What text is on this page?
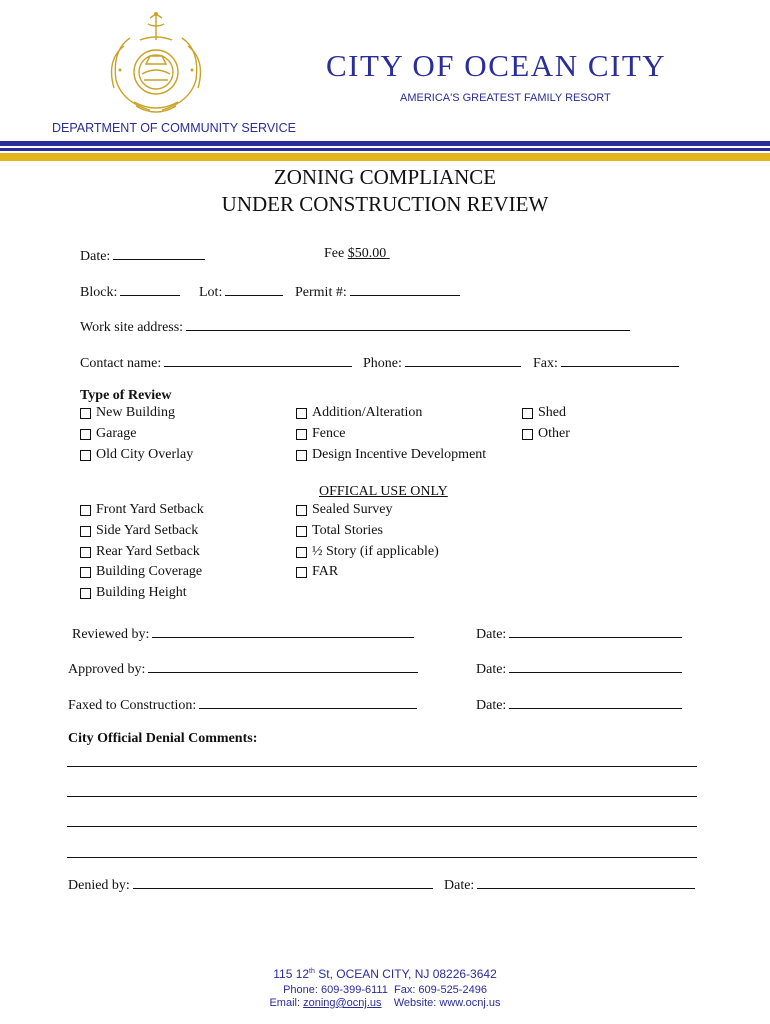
CITY OF OCEAN CITY
AMERICA'S GREATEST FAMILY RESORT
DEPARTMENT OF COMMUNITY SERVICE
ZONING COMPLIANCE
UNDER CONSTRUCTION REVIEW
Date:	Fee $50.00
Block:	Lot:	Permit #:
Work site address:
Contact name:	Phone:	Fax:
Type of Review
New Building
Garage
Old City Overlay
Addition/Alteration
Fence
Design Incentive Development
Shed
Other
OFFICAL USE ONLY
Front Yard Setback
Side Yard Setback
Rear Yard Setback
Building Coverage
Building Height
Sealed Survey
Total Stories
½ Story (if applicable)
FAR
Reviewed by:	Date:
Approved by:	Date:
Faxed to Construction:	Date:
City Official Denial Comments:
Denied by:	Date:
115 12th St, OCEAN CITY, NJ 08226-3642
Phone: 609-399-6111 Fax: 609-525-2496
Email: zoning@ocnj.us Website: www.ocnj.us
